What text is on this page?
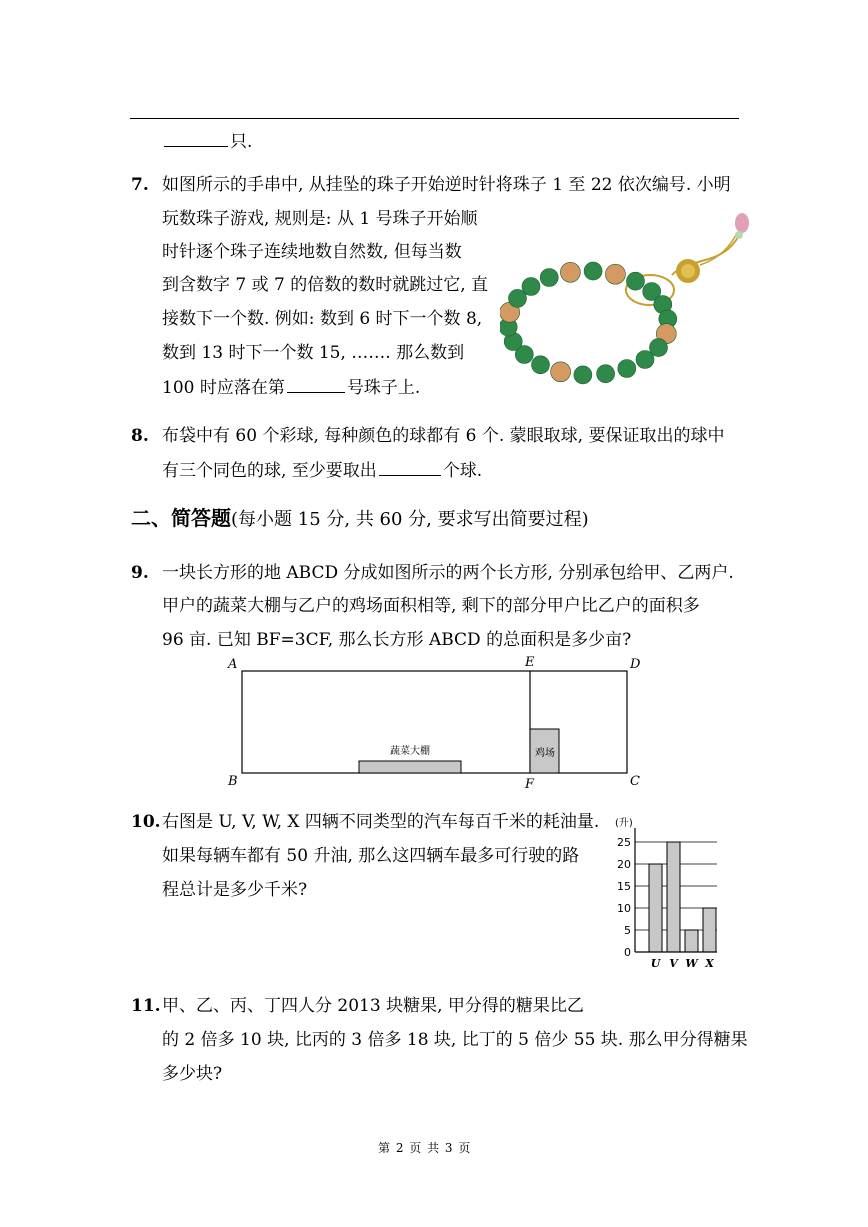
只.
7. 如图所示的手串中, 从挂坠的珠子开始逆时针将珠子 1 至 22 依次编号. 小明
玩数珠子游戏, 规则是: 从 1 号珠子开始顺
时针逐个珠子连续地数自然数, 但每当数
到含数字 7 或 7 的倍数的数时就跳过它, 直
接数下一个数. 例如: 数到 6 时下一个数 8,
数到 13 时下一个数 15, ……. 那么数到
100 时应落在第	号珠子上.
8. 布袋中有 60 个彩球, 每种颜色的球都有 6 个. 蒙眼取球, 要保证取出的球中
有三个同色的球, 至少要取出	个球.
二、简答题(每小题 15 分, 共 60 分, 要求写出简要过程)
9. 一块长方形的地 ABCD 分成如图所示的两个长方形, 分别承包给甲、乙两户.
甲户的蔬菜大棚与乙户的鸡场面积相等, 剩下的部分甲户比乙户的面积多
96 亩. 已知 BF=3CF, 那么长方形 ABCD 的总面积是多少亩?
蔬菜大棚	鸡场
A
B	C
D
E
F
10. 右图是 U, V, W, X 四辆不同类型的汽车每百千米的耗油量.
如果每辆车都有 50 升油, 那么这四辆车最多可行驶的路
程总计是多少千米?
(升)
0
5
10
15
20
25
U V W X
11. 甲、乙、丙、丁四人分 2013 块糖果, 甲分得的糖果比乙
的 2 倍多 10 块, 比丙的 3 倍多 18 块, 比丁的 5 倍少 55 块. 那么甲分得糖果
多少块?
第 2 页 共 3 页
